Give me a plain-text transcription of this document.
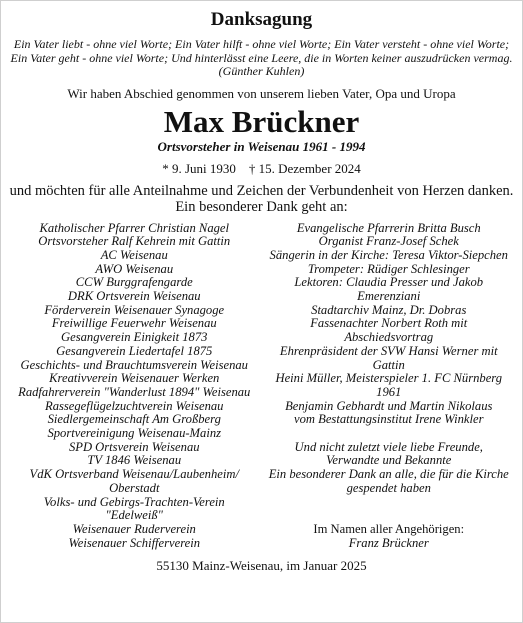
Danksagung
Ein Vater liebt - ohne viel Worte; Ein Vater hilft - ohne viel Worte; Ein Vater versteht - ohne viel Worte;
Ein Vater geht - ohne viel Worte; Und hinterlässt eine Leere, die in Worten keiner auszudrücken vermag.
(Günther Kuhlen)
Wir haben Abschied genommen von unserem lieben Vater, Opa und Uropa
Max Brückner
Ortsvorsteher in Weisenau 1961 - 1994
* 9. Juni 1930    † 15. Dezember 2024
und möchten für alle Anteilnahme und Zeichen der Verbundenheit von Herzen danken.
Ein besonderer Dank geht an:
Katholischer Pfarrer Christian Nagel
Ortsvorsteher Ralf Kehrein mit Gattin
AC Weisenau
AWO Weisenau
CCW Burggrafengarde
DRK Ortsverein Weisenau
Förderverein Weisenauer Synagoge
Freiwillige Feuerwehr Weisenau
Gesangverein Einigkeit 1873
Gesangverein Liedertafel 1875
Geschichts- und Brauchtumsverein Weisenau
Kreativverein Weisenauer Werken
Radfahrerverein "Wanderlust 1894" Weisenau
Rassegeflügelzuchtverein Weisenau
Siedlergemeinschaft Am Großberg
Sportvereinigung Weisenau-Mainz
SPD Ortsverein Weisenau
TV 1846 Weisenau
VdK Ortsverband Weisenau/Laubenheim/ Oberstadt
Volks- und Gebirgs-Trachten-Verein "Edelweiß"
Weisenauer Ruderverein
Weisenauer Schifferverein
Evangelische Pfarrerin Britta Busch
Organist Franz-Josef Schek
Sängerin in der Kirche: Teresa Viktor-Siepchen
Trompeter: Rüdiger Schlesinger
Lektoren: Claudia Presser und Jakob Emerenziani
Stadtarchiv Mainz, Dr. Dobras
Fassenachter Norbert Roth mit Abschiedsvortrag
Ehrenpräsident der SVW Hansi Werner mit Gattin
Heini Müller, Meisterspieler 1. FC Nürnberg 1961
Benjamin Gebhardt und Martin Nikolaus vom Bestattungsinstitut Irene Winkler
Und nicht zuletzt viele liebe Freunde, Verwandte und Bekannte
Ein besonderer Dank an alle, die für die Kirche gespendet haben
Im Namen aller Angehörigen:
Franz Brückner
55130 Mainz-Weisenau, im Januar 2025
